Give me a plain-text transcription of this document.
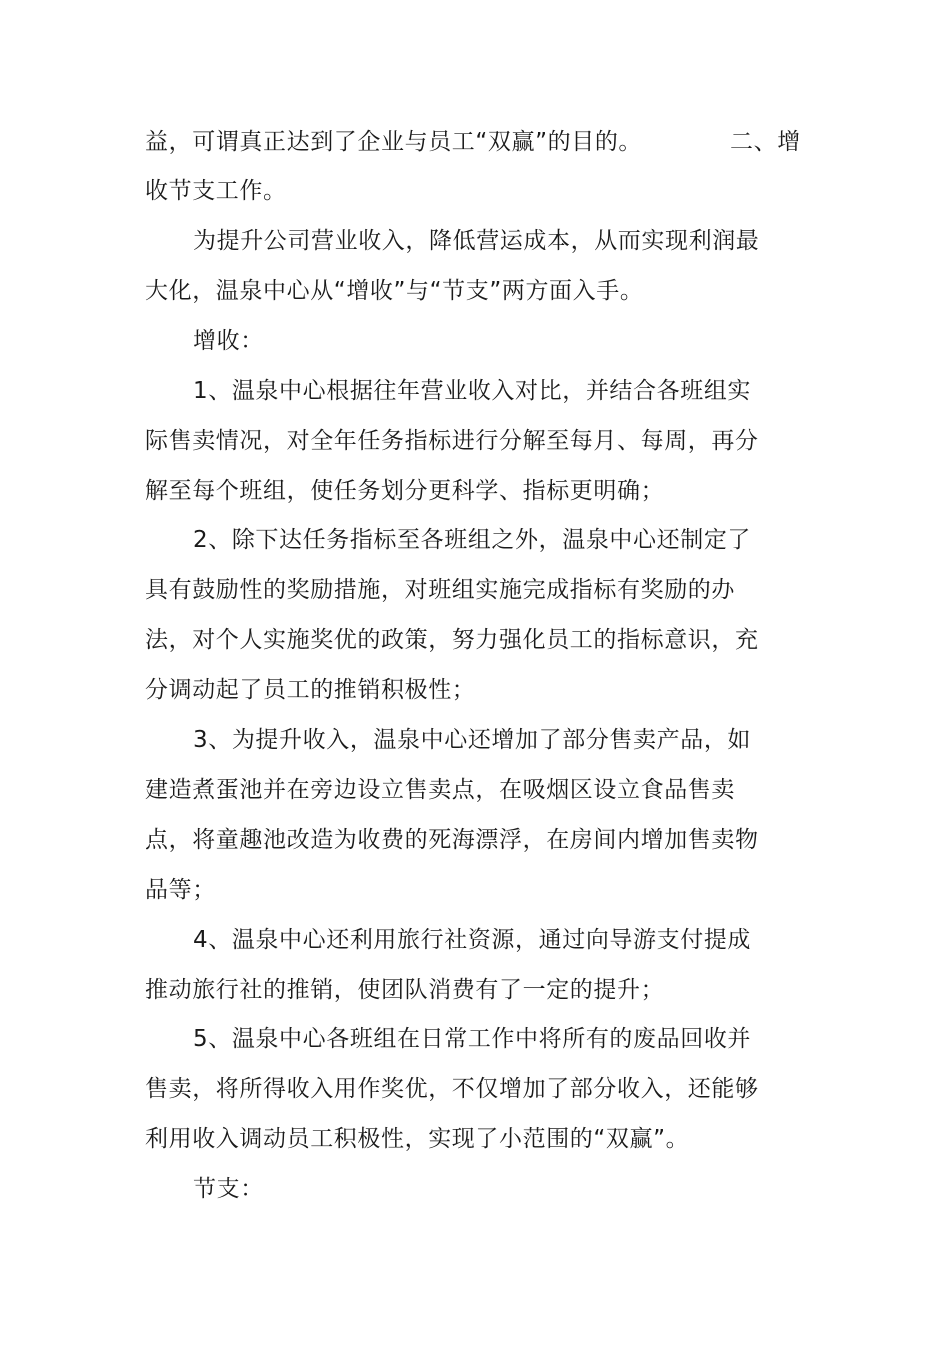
益，可谓真正达到了企业与员工“双赢”的目的。	二、增
收节支工作。
为提升公司营业收入，降低营运成本，从而实现利润最
大化，温泉中心从“增收”与“节支”两方面入手。
增收：
1、温泉中心根据往年营业收入对比，并结合各班组实
际售卖情况，对全年任务指标进行分解至每月、每周，再分
解至每个班组，使任务划分更科学、指标更明确；
2、除下达任务指标至各班组之外，温泉中心还制定了
具有鼓励性的奖励措施，对班组实施完成指标有奖励的办
法，对个人实施奖优的政策，努力强化员工的指标意识，充
分调动起了员工的推销积极性；
3、为提升收入，温泉中心还增加了部分售卖产品，如
建造煮蛋池并在旁边设立售卖点，在吸烟区设立食品售卖
点，将童趣池改造为收费的死海漂浮，在房间内增加售卖物
品等；
4、温泉中心还利用旅行社资源，通过向导游支付提成
推动旅行社的推销，使团队消费有了一定的提升；
5、温泉中心各班组在日常工作中将所有的废品回收并
售卖，将所得收入用作奖优，不仅增加了部分收入，还能够
利用收入调动员工积极性，实现了小范围的“双赢”。
节支：
